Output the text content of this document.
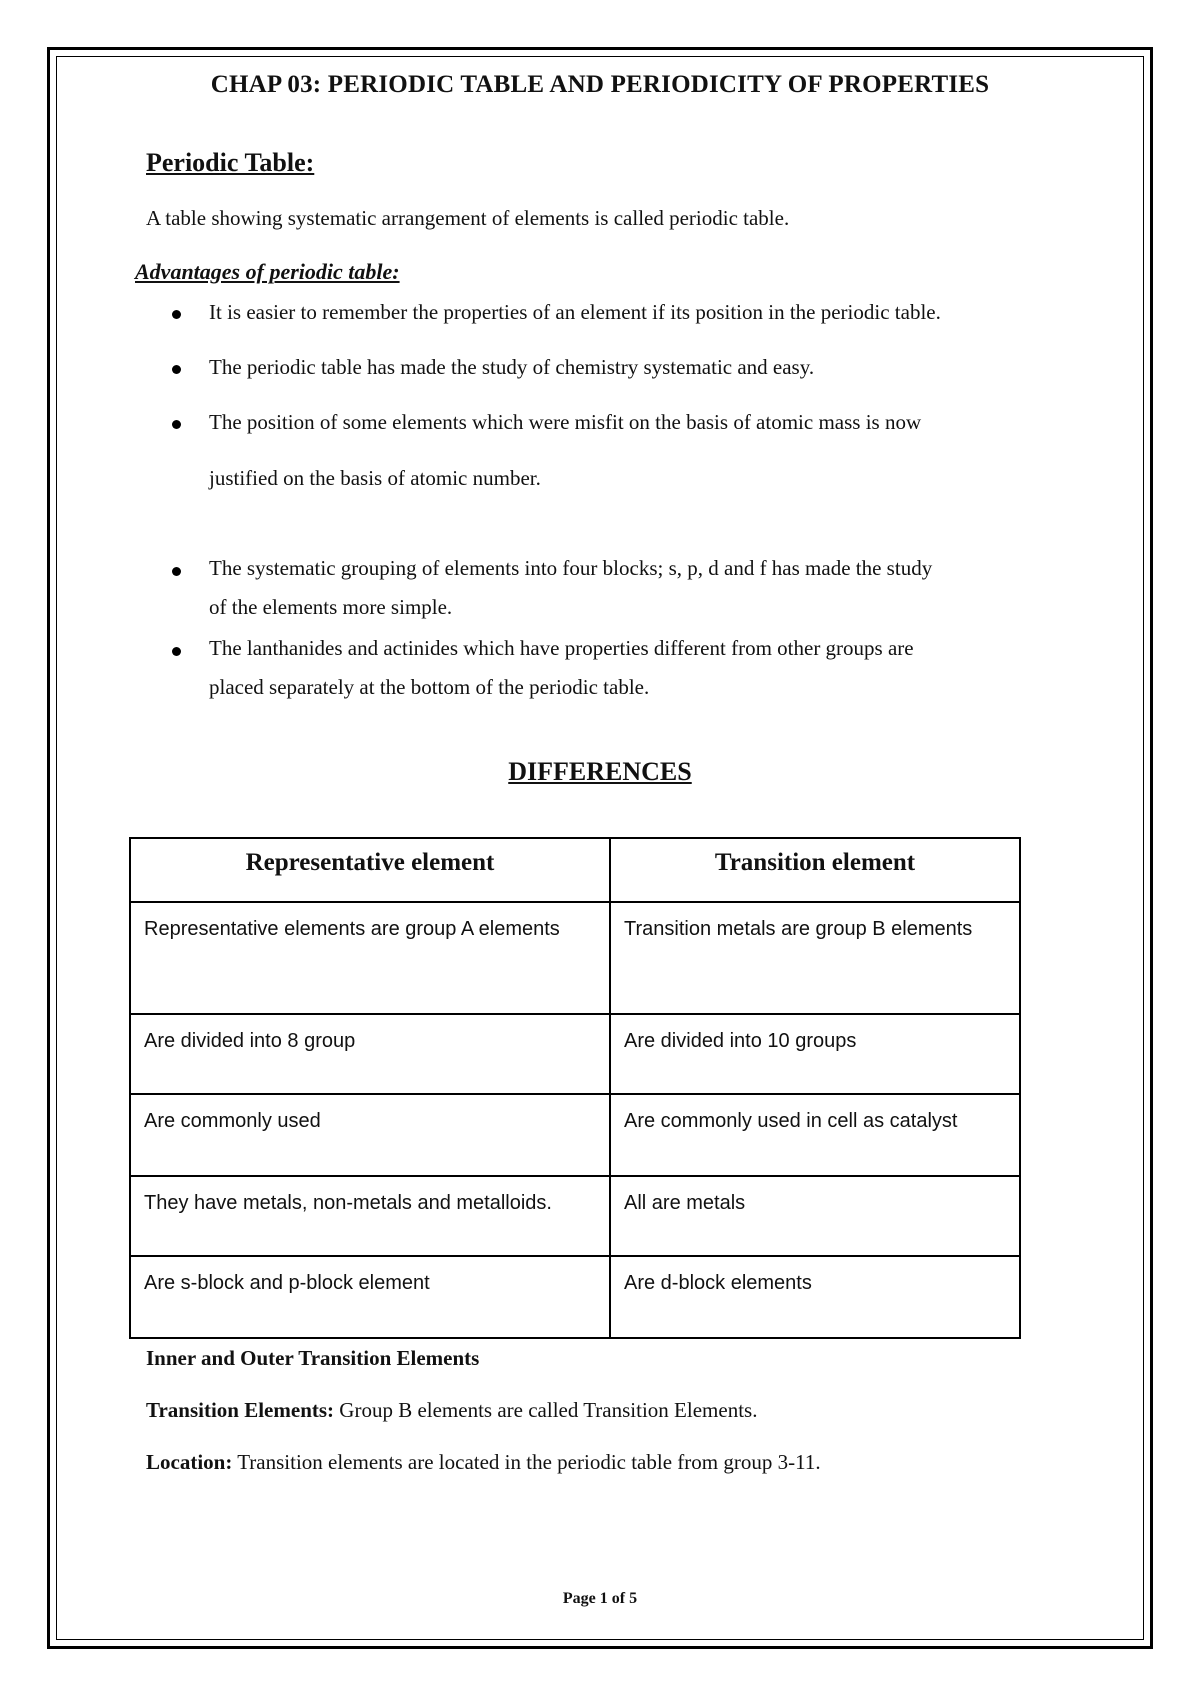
CHAP 03: PERIODIC TABLE AND PERIODICITY OF PROPERTIES
Periodic Table:
A table showing systematic arrangement of elements is called periodic table.
Advantages of periodic table:
It is easier to remember the properties of an element if its position in the periodic table.
The periodic table has made the study of chemistry systematic and easy.
The position of some elements which were misfit on the basis of atomic mass is now
justified on the basis of atomic number.
The systematic grouping of elements into four blocks; s, p, d and f has made the study
of the elements more simple.
The lanthanides and actinides which have properties different from other groups are
placed separately at the bottom of the periodic table.
DIFFERENCES
Representative element	Transition element
Representative elements are group A elements	Transition metals are group B elements
Are divided into 8 group	Are divided into 10 groups
Are commonly used	Are commonly used in cell as catalyst
They have metals, non-metals and metalloids.	All are metals
Are s-block and p-block element	Are d-block elements
Inner and Outer Transition Elements
Transition Elements: Group B elements are called Transition Elements.
Location: Transition elements are located in the periodic table from group 3-11.
Page 1 of 5
